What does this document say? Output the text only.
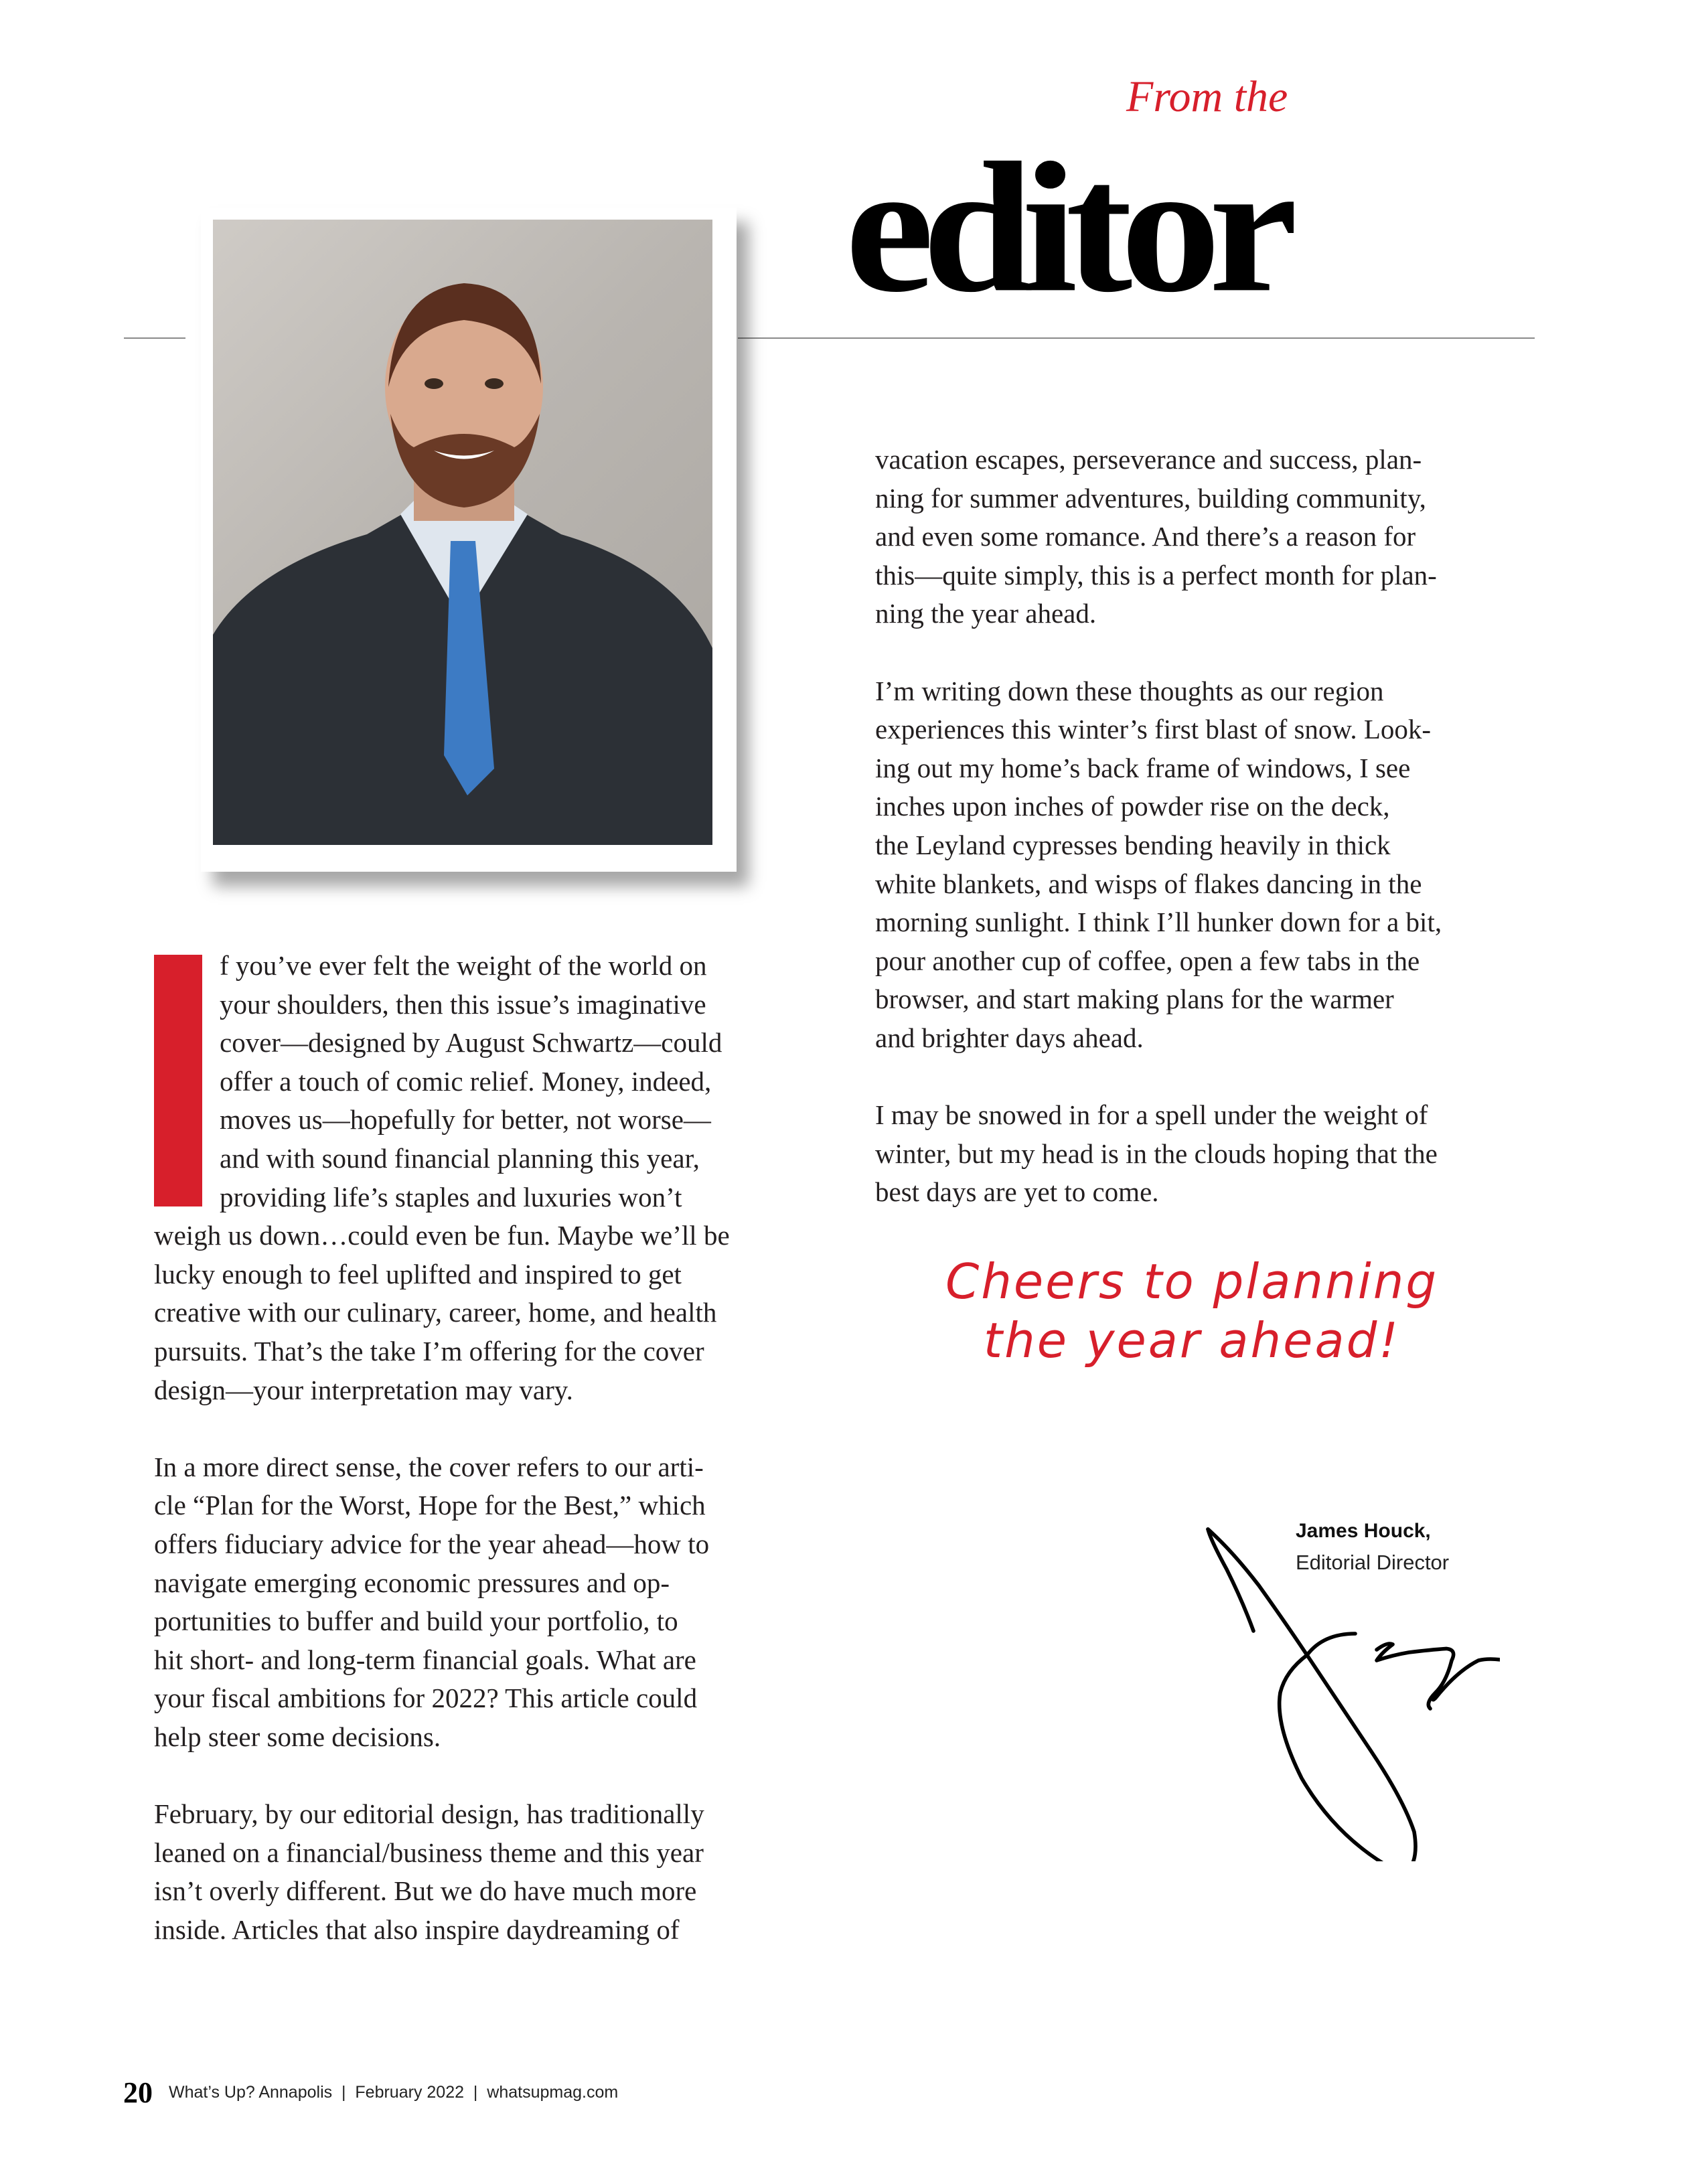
From the
editor
I	f you’ve ever felt the weight of the world on
your shoulders, then this issue’s imaginative
cover—designed by August Schwartz—could
offer a touch of comic relief. Money, indeed,
moves us—hopefully for better, not worse—
and with sound financial planning this year,
providing life’s staples and luxuries won’t
weigh us down…could even be fun. Maybe we’ll be
lucky enough to feel uplifted and inspired to get
creative with our culinary, career, home, and health
pursuits. That’s the take I’m offering for the cover
design—your interpretation may vary.
In a more direct sense, the cover refers to our arti-
cle “Plan for the Worst, Hope for the Best,” which
offers fiduciary advice for the year ahead—how to
navigate emerging economic pressures and op-
portunities to buffer and build your portfolio, to
hit short- and long-term financial goals. What are
your fiscal ambitions for 2022? This article could
help steer some decisions.
February, by our editorial design, has traditionally
leaned on a financial/business theme and this year
isn’t overly different. But we do have much more
inside. Articles that also inspire daydreaming of
vacation escapes, perseverance and success, plan-
ning for summer adventures, building community,
and even some romance. And there’s a reason for
this—quite simply, this is a perfect month for plan-
ning the year ahead.
I’m writing down these thoughts as our region
experiences this winter’s first blast of snow. Look-
ing out my home’s back frame of windows, I see
inches upon inches of powder rise on the deck,
the Leyland cypresses bending heavily in thick
white blankets, and wisps of flakes dancing in the
morning sunlight. I think I’ll hunker down for a bit,
pour another cup of coffee, open a few tabs in the
browser, and start making plans for the warmer
and brighter days ahead.
I may be snowed in for a spell under the weight of
winter, but my head is in the clouds hoping that the
best days are yet to come.
Cheers to planning
the year ahead!
James Houck,
Editorial Director
20 What’s Up? Annapolis  |  February 2022  |  whatsupmag.com
